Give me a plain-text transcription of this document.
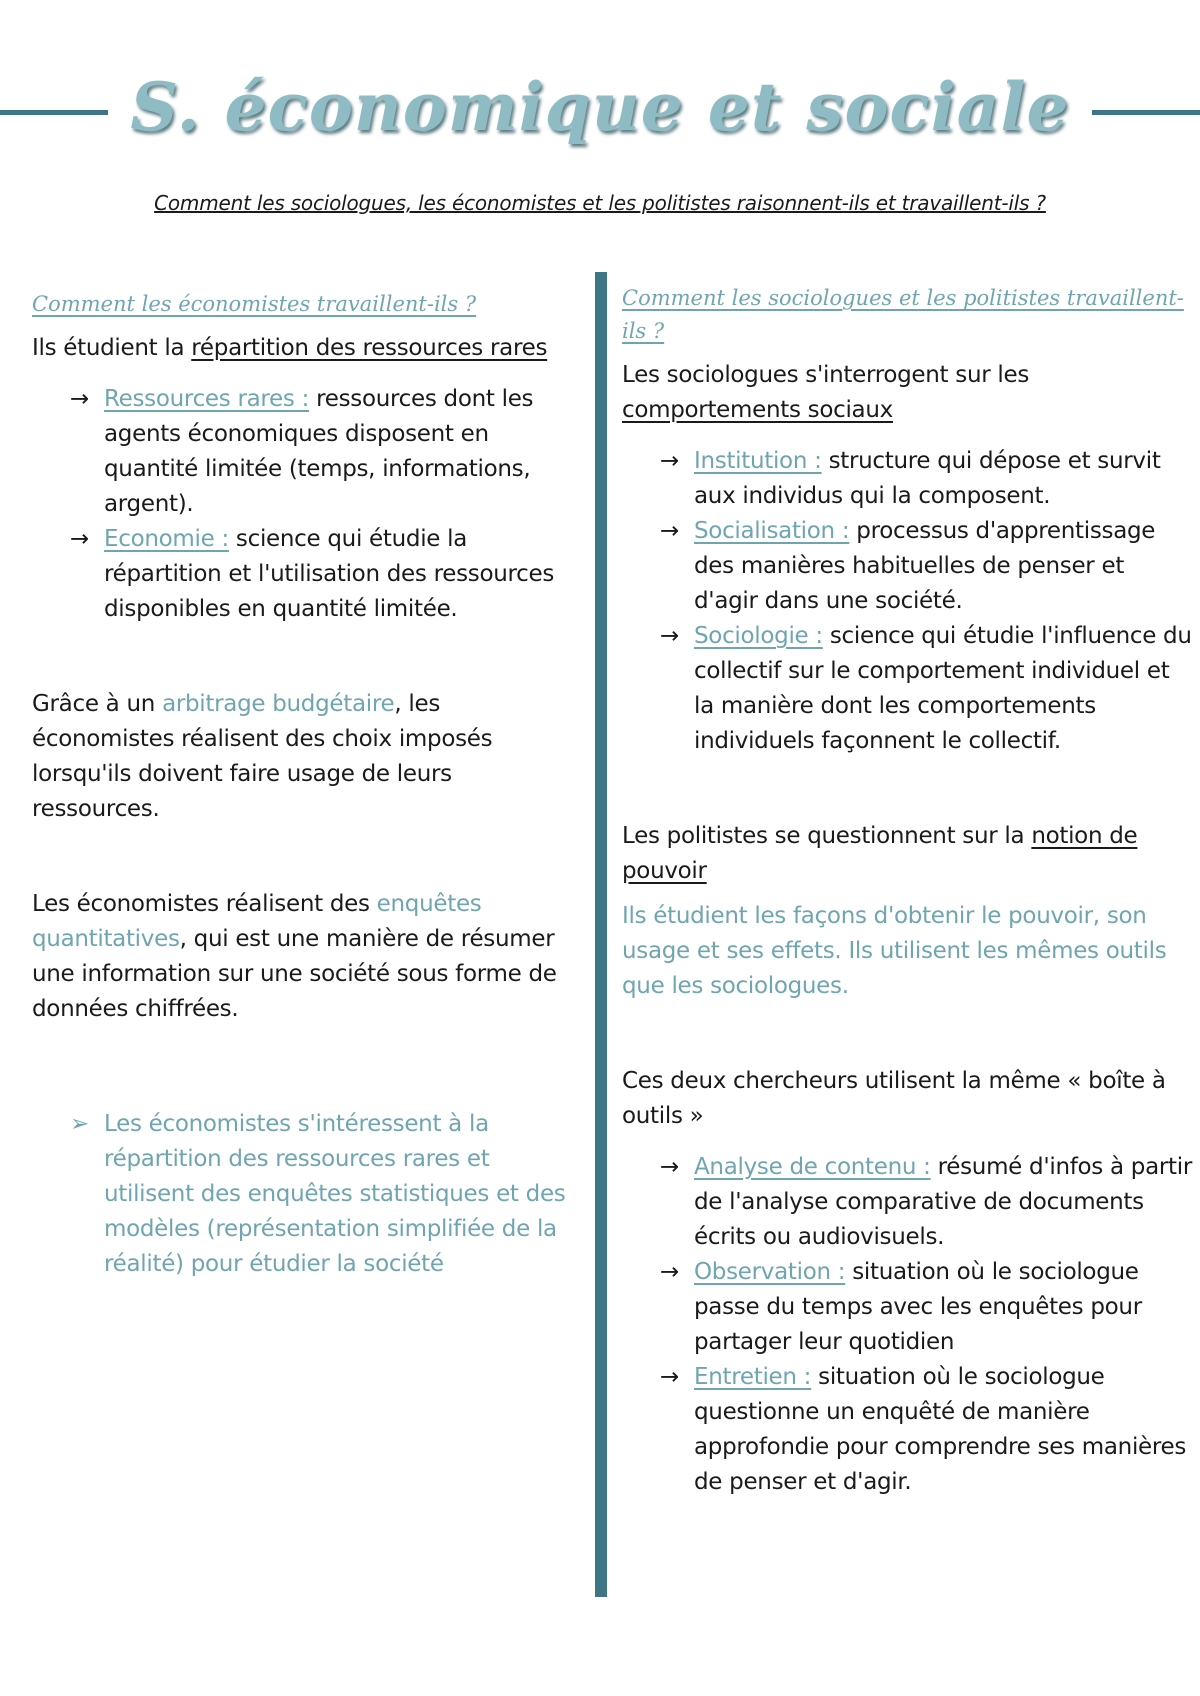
S. économique et sociale
Comment les sociologues, les économistes et les politistes raisonnent-ils et travaillent-ils ?
Comment les économistes travaillent-ils ?
Ils étudient la répartition des ressources rares
→ Ressources rares : ressources dont les agents économiques disposent en quantité limitée (temps, informations, argent).
→ Economie : science qui étudie la répartition et l'utilisation des ressources disponibles en quantité limitée.
Grâce à un arbitrage budgétaire, les économistes réalisent des choix imposés lorsqu'ils doivent faire usage de leurs ressources.
Les économistes réalisent des enquêtes quantitatives, qui est une manière de résumer une information sur une société sous forme de données chiffrées.
➢ Les économistes s'intéressent à la répartition des ressources rares et utilisent des enquêtes statistiques et des modèles (représentation simplifiée de la réalité) pour étudier la société
Comment les sociologues et les politistes travaillent-ils ?
Les sociologues s'interrogent sur les comportements sociaux
→ Institution : structure qui dépose et survit aux individus qui la composent.
→ Socialisation : processus d'apprentissage des manières habituelles de penser et d'agir dans une société.
→ Sociologie : science qui étudie l'influence du collectif sur le comportement individuel et la manière dont les comportements individuels façonnent le collectif.
Les politistes se questionnent sur la notion de pouvoir
Ils étudient les façons d'obtenir le pouvoir, son usage et ses effets. Ils utilisent les mêmes outils que les sociologues.
Ces deux chercheurs utilisent la même « boîte à outils »
→ Analyse de contenu : résumé d'infos à partir de l'analyse comparative de documents écrits ou audiovisuels.
→ Observation : situation où le sociologue passe du temps avec les enquêtes pour partager leur quotidien
→ Entretien : situation où le sociologue questionne un enquêté de manière approfondie pour comprendre ses manières de penser et d'agir.
